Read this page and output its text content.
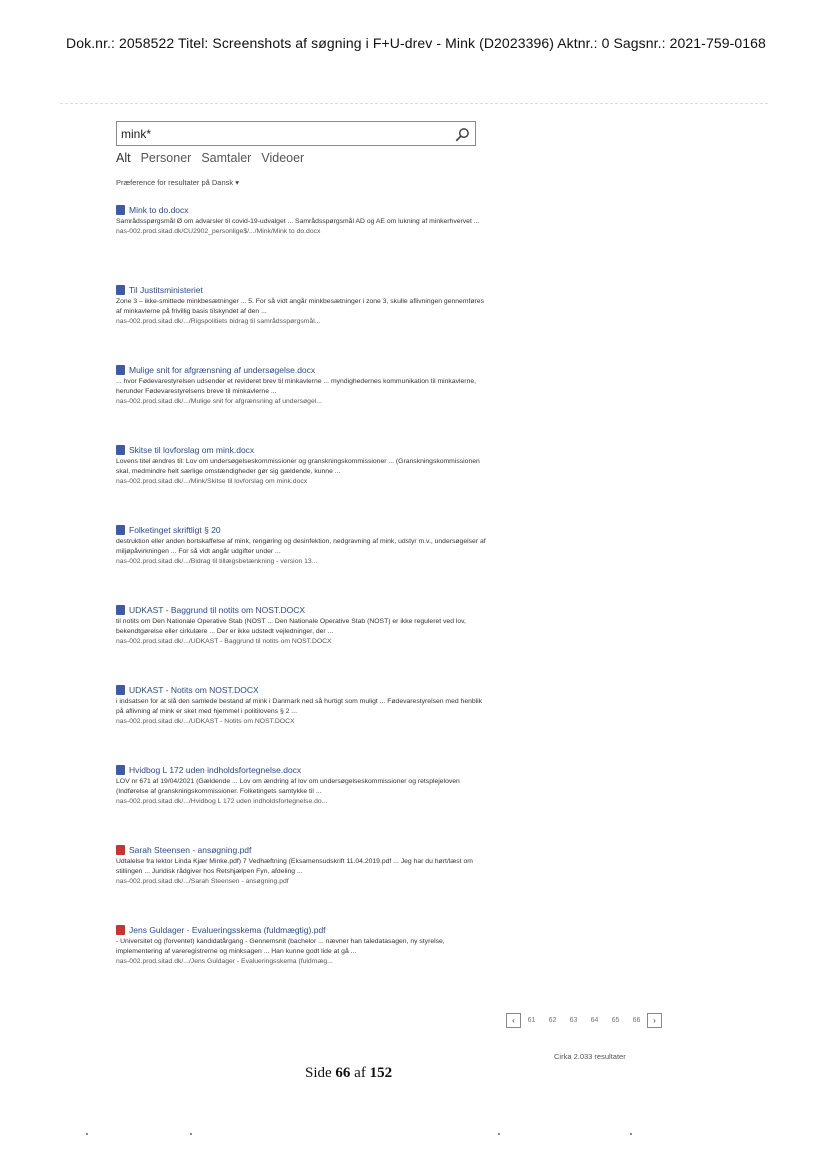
Dok.nr.: 2058522 Titel: Screenshots af søgning i F+U-drev - Mink (D2023396) Aktnr.: 0 Sagsnr.: 2021-759-0168
mink*
Alt Personer Samtaler Videoer
Præference for resultater på Dansk ▾
Mink to do.docx
Samrådsspørgsmål Ø om advarsler til covid-19-udvalget ... Samrådsspørgsmål AD og AE om lukning af minkerhvervet ...
nas-002.prod.sitad.dk/CU2902_personlige$/.../Mink/Mink to do.docx
Til Justitsministeriet
Zone 3 – ikke-smittede minkbesætninger ... 5. For så vidt angår minkbesætninger i zone 3, skulle aflivningen gennemføres af minkavlerne på frivillig basis tilskyndet af den ...
nas-002.prod.sitad.dk/.../Rigspolitiets bidrag til samrådsspørgsmål...
Mulige snit for afgrænsning af undersøgelse.docx
... hvor Fødevarestyrelsen udsender et revideret brev til minkavlerne ... myndighedernes kommunikation til minkavlerne, herunder Fødevarestyrelsens breve til minkavlerne ...
nas-002.prod.sitad.dk/.../Mulige snit for afgrænsning af undersøgel...
Skitse til lovforslag om mink.docx
Lovens titel ændres til: Lov om undersøgelseskommissioner og granskningskommissioner ... (Granskningskommissionen skal, medmindre helt særlige omstændigheder gør sig gældende, kunne ...
nas-002.prod.sitad.dk/.../Mink/Skitse til lovforslag om mink.docx
Folketinget skriftligt § 20
destruktion eller anden bortskaffelse af mink, rengøring og desinfektion, nedgravning af mink, udstyr m.v., undersøgelser af miljøpåvirkningen ... For så vidt angår udgifter under ...
nas-002.prod.sitad.dk/.../Bidrag til tillægsbetænkning - version 13...
UDKAST - Baggrund til notits om NOST.DOCX
til notits om Den Nationale Operative Stab (NOST ... Den Nationale Operative Stab (NOST) er ikke reguleret ved lov, bekendtgørelse eller cirkulære ... Der er ikke udstedt vejledninger, der ...
nas-002.prod.sitad.dk/.../UDKAST - Baggrund til notits om NOST.DOCX
UDKAST - Notits om NOST.DOCX
i indsatsen for at slå den samlede bestand af mink i Danmark ned så hurtigt som muligt ... Fødevarestyrelsen med henblik på aflivning af mink er sket med hjemmel i politilovens § 2 ...
nas-002.prod.sitad.dk/.../UDKAST - Notits om NOST.DOCX
Hvidbog L 172 uden indholdsfortegnelse.docx
LOV nr 671 af 19/04/2021 (Gældende ... Lov om ændring af lov om undersøgelseskommissioner og retsplejeloven (Indførelse af granskningskommissioner. Folketingets samtykke til ...
nas-002.prod.sitad.dk/.../Hvidbog L 172 uden indholdsfortegnelse.do...
Sarah Steensen - ansøgning.pdf
Udtalelse fra lektor Linda Kjær Minke.pdf) 7 Vedhæftning (Eksamensudskrift 11.04.2019.pdf ... Jeg har du hørt/læst om stillingen ... Juridisk rådgiver hos Retshjælpen Fyn, afdeling ...
nas-002.prod.sitad.dk/.../Sarah Steensen - ansøgning.pdf
Jens Guldager - Evalueringsskema (fuldmægtig).pdf
- Universitet og (forventet) kandidatårgang - Gennemsnit (bachelor ... nævner han taledatasagen, ny styrelse, implementering af vareregistrerne og minksagen ... Han kunne godt lide at gå ...
nas-002.prod.sitad.dk/.../Jens Guldager - Evalueringsskema (fuldmæg...
‹	61	62	63	64	65	66	›
Cirka 2.033 resultater
Side 66 af 152
